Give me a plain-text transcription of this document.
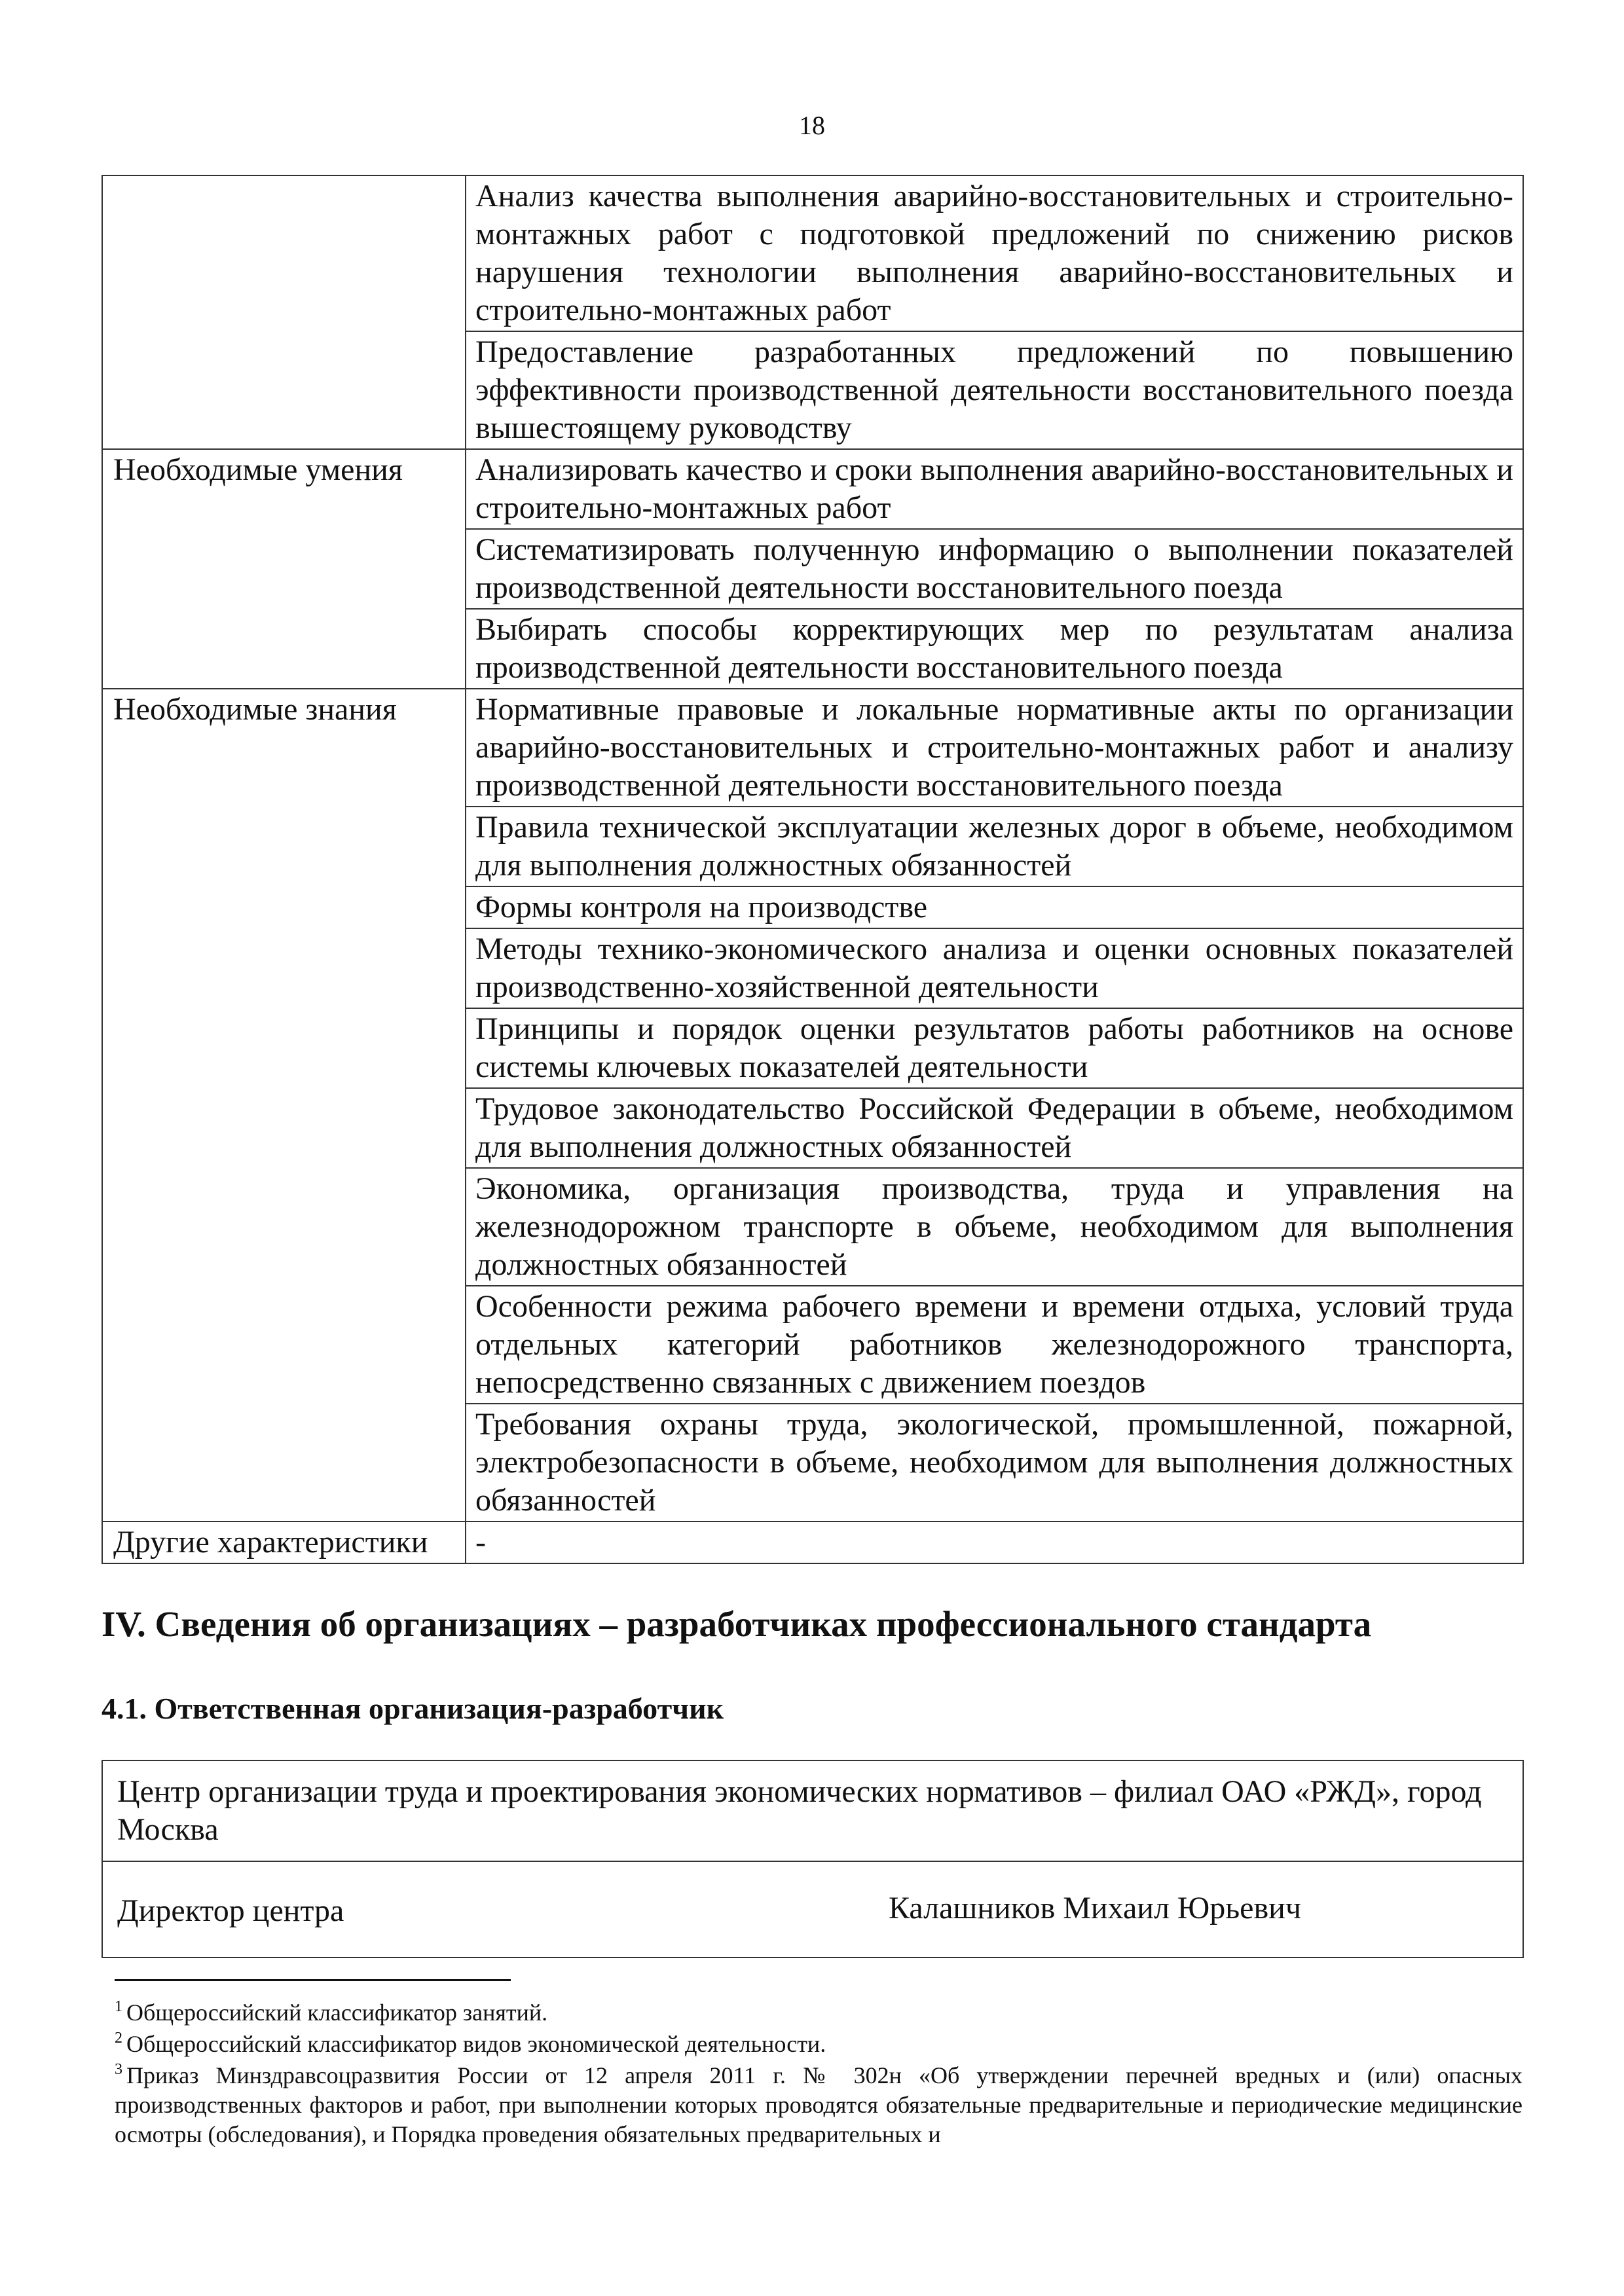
18
	Анализ качества выполнения аварийно-восстановительных и строительно-монтажных работ с подготовкой предложений по снижению рисков нарушения технологии выполнения аварийно-восстановительных и строительно-монтажных работ
	Предоставление разработанных предложений по повышению эффективности производственной деятельности восстановительного поезда вышестоящему руководству
Необходимые умения	Анализировать качество и сроки выполнения аварийно-восстановительных и строительно-монтажных работ
	Систематизировать полученную информацию о выполнении показателей производственной деятельности восстановительного поезда
	Выбирать способы корректирующих мер по результатам анализа производственной деятельности восстановительного поезда
Необходимые знания	Нормативные правовые и локальные нормативные акты по организации аварийно-восстановительных и строительно-монтажных работ и анализу производственной деятельности восстановительного поезда
	Правила технической эксплуатации железных дорог в объеме, необходимом для выполнения должностных обязанностей
	Формы контроля на производстве
	Методы технико-экономического анализа и оценки основных показателей производственно-хозяйственной деятельности
	Принципы и порядок оценки результатов работы работников на основе системы ключевых показателей деятельности
	Трудовое законодательство Российской Федерации в объеме, необходимом для выполнения должностных обязанностей
	Экономика, организация производства, труда и управления на железнодорожном транспорте в объеме, необходимом для выполнения должностных обязанностей
	Особенности режима рабочего времени и времени отдыха, условий труда отдельных категорий работников железнодорожного транспорта, непосредственно связанных с движением поездов
	Требования охраны труда, экологической, промышленной, пожарной, электробезопасности в объеме, необходимом для выполнения должностных обязанностей
Другие характеристики	-
IV. Сведения об организациях – разработчиках профессионального стандарта
4.1. Ответственная организация-разработчик
Центр организации труда и проектирования экономических нормативов – филиал ОАО «РЖД», город Москва
Директор центра	Калашников Михаил Юрьевич

$^1$ Общероссийский классификатор занятий.

$^2$ Общероссийский классификатор видов экономической деятельности.

$^3$ Приказ Минздравсоцразвития России от 12 апреля 2011 г. № 302н «Об утверждении перечней вредных и (или) опасных производственных факторов и работ, при выполнении которых проводятся обязательные предварительные и периодические медицинские осмотры (обследования), и Порядка проведения обязательных предварительных и
